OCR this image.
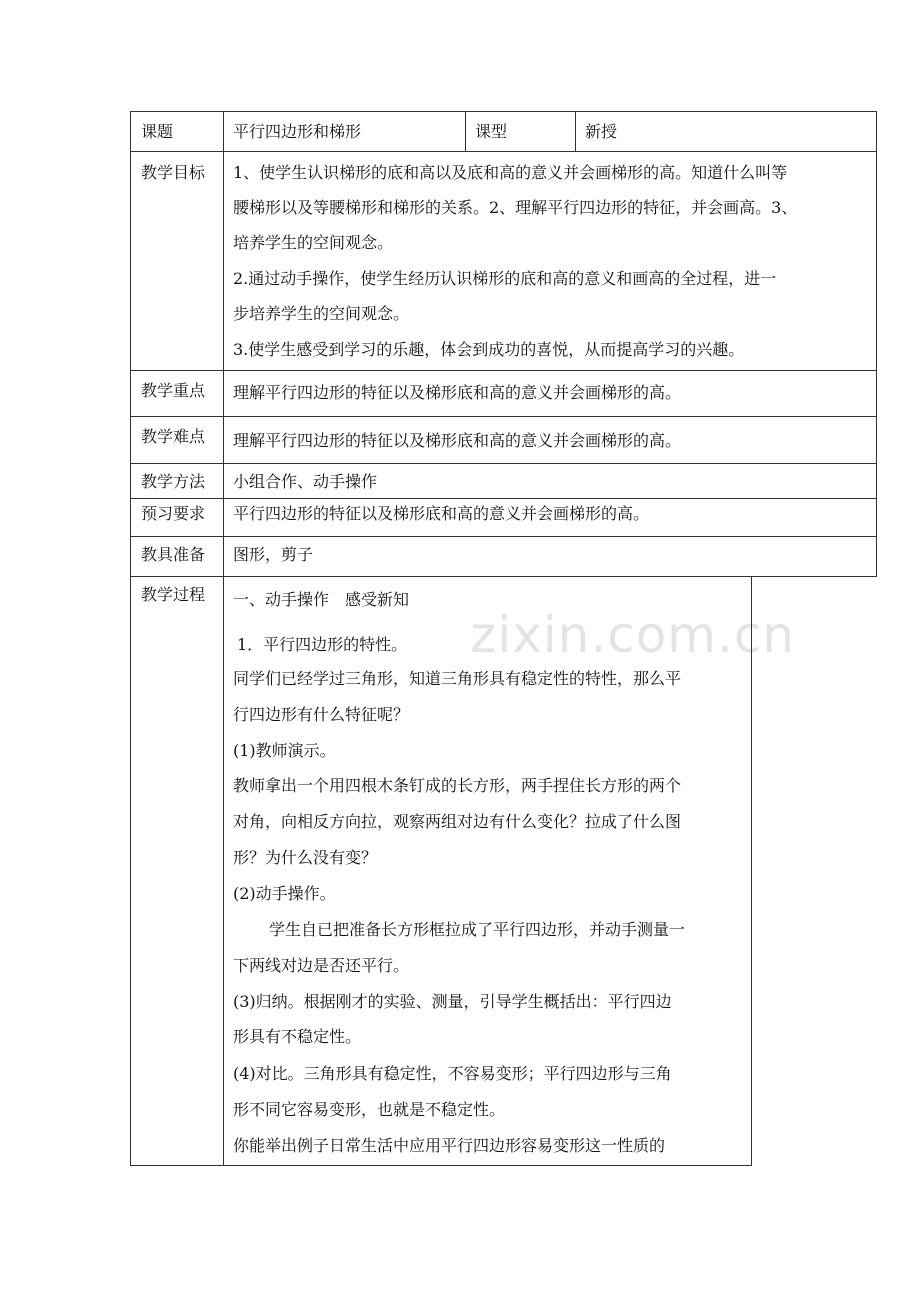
zixin.com.cn
课题	平行四边形和梯形	课型	新授
教学目标 1、使学生认识梯形的底和高以及底和高的意义并会画梯形的高。知道什么叫等
腰梯形以及等腰梯形和梯形的关系。2、理解平行四边形的特征，并会画高。3、
培养学生的空间观念。
2.通过动手操作，使学生经历认识梯形的底和高的意义和画高的全过程，进一
步培养学生的空间观念。
3.使学生感受到学习的乐趣，体会到成功的喜悦，从而提高学习的兴趣。
教学重点 理解平行四边形的特征以及梯形底和高的意义并会画梯形的高。
教学难点 理解平行四边形的特征以及梯形底和高的意义并会画梯形的高。
教学方法 小组合作、动手操作
预习要求 平行四边形的特征以及梯形底和高的意义并会画梯形的高。
教具准备 图形，剪子
教学过程 一、动手操作　感受新知
1．平行四边形的特性。
同学们已经学过三角形，知道三角形具有稳定性的特性，那么平
行四边形有什么特征呢？
(1)教师演示。
教师拿出一个用四根木条钉成的长方形，两手捏住长方形的两个
对角，向相反方向拉，观察两组对边有什么变化？拉成了什么图
形？为什么没有变？
(2)动手操作。
学生自已把准备长方形框拉成了平行四边形，并动手测量一
下两线对边是否还平行。
(3)归纳。根据刚才的实验、测量，引导学生概括出：平行四边
形具有不稳定性。
(4)对比。三角形具有稳定性，不容易变形；平行四边形与三角
形不同它容易变形，也就是不稳定性。
你能举出例子日常生活中应用平行四边形容易变形这一性质的
